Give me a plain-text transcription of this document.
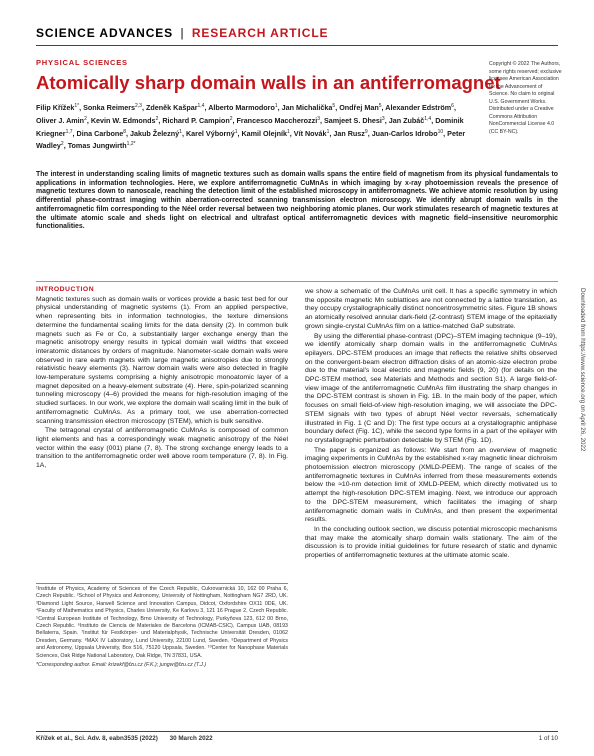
SCIENCE ADVANCES | RESEARCH ARTICLE
PHYSICAL SCIENCES
Atomically sharp domain walls in an antiferromagnet
Filip Křížek$^{1*}$ , Sonka Reimers$^{2,3}$ , Zdeněk Kašpar$^{1,4}$ , Alberto Marmodoro$^1$ , Jan Michalička$^5$ , Ondřej Man$^5$ , Alexander Edström$^6$ , Oliver J. Amin$^2$ , Kevin W. Edmonds$^2$ , Richard P. Campion$^2$ , Francesco Maccherozzi$^3$ , Samjeet S. Dhesi$^3$ , Jan Zubáč$^{1,4}$ , Dominik Kriegner$^{1,7}$ , Dina Carbone$^8$ , Jakub Železný$^1$ , Karel Výborný$^1$ , Kamil Olejník$^1$ , Vít Novák$^1$ , Jan Rusz$^9$ , Juan-Carlos Idrobo$^{10}$ , Peter Wadley$^2$ , Tomas Jungwirth$^{1,2*}$
Copyright © 2022 The Authors, some rights reserved; exclusive licensee American Association for the Advancement of Science. No claim to original U.S. Government Works. Distributed under a Creative Commons Attribution NonCommercial License 4.0 (CC BY-NC).

The interest in understanding scaling limits of magnetic textures such as domain walls spans the entire field of magnetism from its physical fundamentals to applications in information technologies. Here, we explore antiferromagnetic CuMnAs in which imaging by x-ray photoemission reveals the presence of magnetic textures down to nanoscale, reaching the detection limit of the established microscopy in antiferromagnets. We achieve atomic resolution by using differential phase-contrast imaging within aberration-corrected scanning transmission electron microscopy. We identify abrupt domain walls in the antiferromagnetic film corresponding to the Néel order reversal between two neighboring atomic planes. Our work stimulates research of magnetic textures at the ultimate atomic scale and sheds light on electrical and ultrafast optical antiferromagnetic devices with magnetic field–insensitive neuromorphic functionalities.

INTRODUCTION

Magnetic textures such as domain walls or vortices provide a basic test bed for our physical understanding of magnetic systems (1). From an applied perspective, when representing bits in information technologies, the texture dimensions determine the fundamental scaling limits for the data density (2). In common bulk magnets such as Fe or Co, a substantially larger exchange energy than the magnetic anisotropy energy results in typical domain wall widths that exceed interatomic distances by orders of magnitude. Nanometer-scale domain walls were observed in rare earth magnets with large magnetic anisotropies due to strongly relativistic heavy elements (3). Narrow domain walls were also detected in fragile low-temperature systems comprising a highly anisotropic monoatomic layer of a magnet deposited on a heavy-element substrate (4). Here, spin-polarized scanning tunneling microscopy (4–6) provided the means for high-resolution imaging of the studied surfaces. In our work, we explore the domain wall scaling limit in the bulk of antiferromagnetic CuMnAs. As a primary tool, we use aberration-corrected scanning transmission electron microscopy (STEM), which is bulk sensitive.

The tetragonal crystal of antiferromagnetic CuMnAs is composed of common light elements and has a correspondingly weak magnetic anisotropy of the Néel vector within the easy (001) plane (7, 8). The strong exchange energy leads to a transition to the antiferromagnetic order well above room temperature (7, 8). In Fig. 1A,

¹Institute of Physics, Academy of Sciences of the Czech Republic, Cukrovarnická 10, 162 00 Praha 6, Czech Republic. ²School of Physics and Astronomy, University of Nottingham, Nottingham NG7 2RD, UK. ³Diamond Light Source, Harwell Science and Innovation Campus, Didcot, Oxfordshire OX11 0DE, UK. ⁴Faculty of Mathematics and Physics, Charles University, Ke Karlovu 3, 121 16 Prague 2, Czech Republic. ⁵Central European Institute of Technology, Brno University of Technology, Purkyňova 123, 612 00 Brno, Czech Republic. ⁶Instituto de Ciencia de Materiales de Barcelona (ICMAB-CSIC), Campus UAB, 08193 Bellaterra, Spain. ⁷Institut für Festkörper- und Materialphysik, Technische Universität Dresden, 01062 Dresden, Germany. ⁸MAX IV Laboratory, Lund University, 22100 Lund, Sweden. ⁹Department of Physics and Astronomy, Uppsala University, Box 516, 75120 Uppsala, Sweden. ¹⁰Center for Nanophase Materials Sciences, Oak Ridge National Laboratory, Oak Ridge, TN 37831, USA.
*Corresponding author. Email: krizekf@fzu.cz (F.K.); jungw@fzu.cz (T.J.)

we show a schematic of the CuMnAs unit cell. It has a specific symmetry in which the opposite magnetic Mn sublattices are not connected by a lattice translation, as they occupy crystallographically distinct noncentrosymmetric sites. Figure 1B shows an atomically resolved annular dark-field (Z-contrast) STEM image of the epitaxially grown single-crystal CuMnAs film on a lattice-matched GaP substrate.

By using the differential phase-contrast (DPC)–STEM imaging technique (9–19), we identify atomically sharp domain walls in the antiferromagnetic CuMnAs epilayers. DPC-STEM produces an image that reflects the relative shifts observed on the convergent-beam electron diffraction disks of an atomic-size electron probe due to the material's local electric and magnetic fields (9, 20) (for details on the DPC-STEM method, see Materials and Methods and section S1). A large field-of-view image of the antiferromagnetic CuMnAs film illustrating the sharp changes in the DPC-STEM contrast is shown in Fig. 1B. In the main body of the paper, which focuses on small field-of-view high-resolution imaging, we will associate the DPC-STEM signals with two types of abrupt Néel vector reversals, schematically illustrated in Fig. 1 (C and D): The first type occurs at a crystallographic antiphase boundary defect (Fig. 1C), while the second type forms in a part of the epilayer with no crystallographic perturbation detectable by STEM (Fig. 1D).

The paper is organized as follows: We start from an overview of magnetic imaging experiments in CuMnAs by the established x-ray magnetic linear dichroism photoemission electron microscopy (XMLD-PEEM). The range of scales of the antiferromagnetic textures in CuMnAs inferred from these measurements extends below the ≈10-nm detection limit of XMLD-PEEM, which directly motivated us to attempt the high-resolution DPC-STEM imaging. Next, we introduce our approach to the DPC-STEM measurement, which facilitates the imaging of sharp antiferromagnetic domain walls in CuMnAs, and then present the experimental results.

In the concluding outlook section, we discuss potential microscopic mechanisms that may make the atomically sharp domain walls stationary. The aim of the discussion is to provide initial guidelines for future research of static and dynamic properties of antiferromagnetic textures at the ultimate atomic scale.

Downloaded from https://www.science.org on April 26, 2022
Křížek et al., Sci. Adv. 8, eabn3535 (2022) 30 March 2022	1 of 10
